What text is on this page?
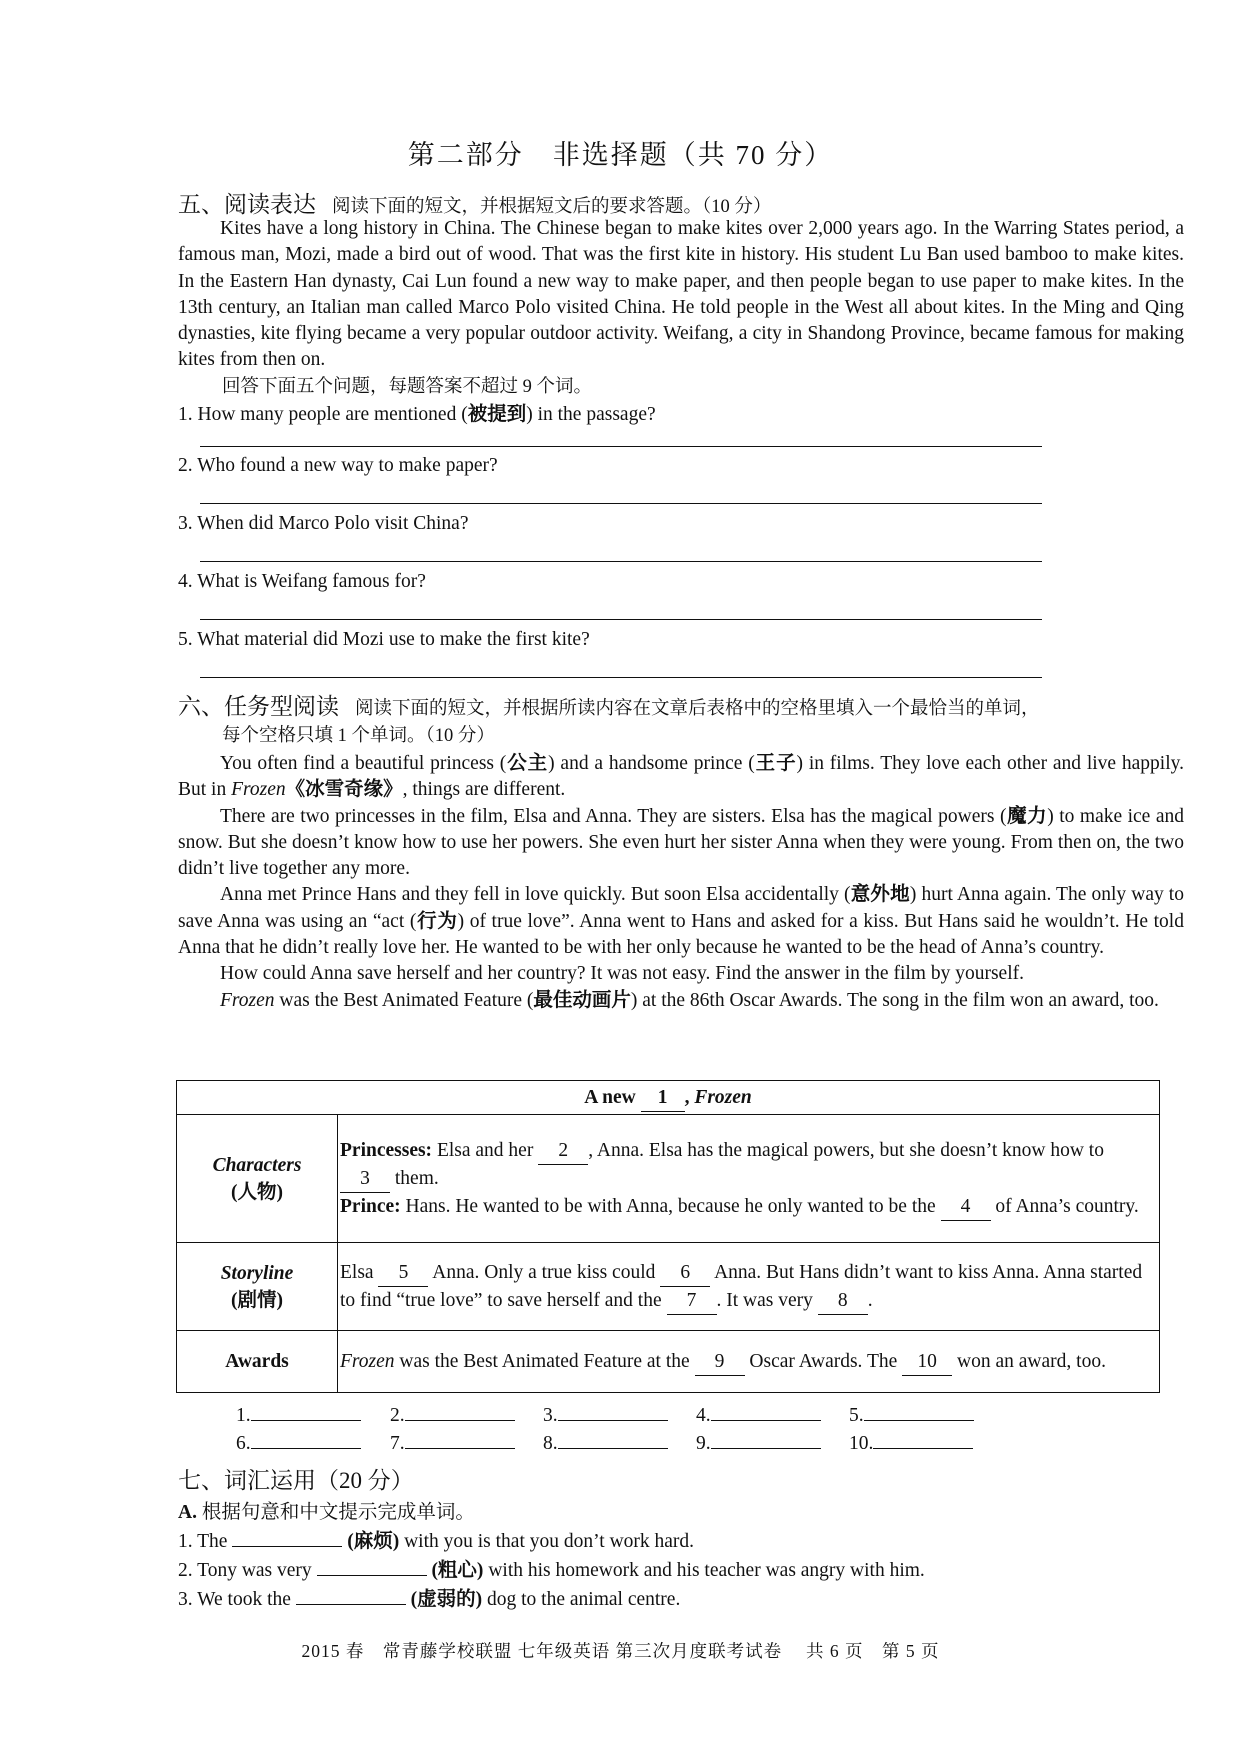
第二部分　非选择题（共 70 分）
五、阅读表达 阅读下面的短文，并根据短文后的要求答题。（10 分）

Kites have a long history in China. The Chinese began to make kites over 2,000 years ago. In the Warring States period, a famous man, Mozi, made a bird out of wood. That was the first kite in history. His student Lu Ban used bamboo to make kites. In the Eastern Han dynasty, Cai Lun found a new way to make paper, and then people began to use paper to make kites. In the 13th century, an Italian man called Marco Polo visited China. He told people in the West all about kites. In the Ming and Qing dynasties, kite flying became a very popular outdoor activity. Weifang, a city in Shandong Province, became famous for making kites from then on.

回答下面五个问题，每题答案不超过 9 个词。
1. How many people are mentioned (被提到) in the passage?
2. Who found a new way to make paper?
3. When did Marco Polo visit China?
4. What is Weifang famous for?
5. What material did Mozi use to make the first kite?
六、任务型阅读 阅读下面的短文，并根据所读内容在文章后表格中的空格里填入一个最恰当的单词，
每个空格只填 1 个单词。（10 分）

You often find a beautiful princess (公主) and a handsome prince (王子) in films. They love each other and live happily. But in Frozen《冰雪奇缘》, things are different.

There are two princesses in the film, Elsa and Anna. They are sisters. Elsa has the magical powers (魔力) to make ice and snow. But she doesn’t know how to use her powers. She even hurt her sister Anna when they were young. From then on, the two didn’t live together any more.

Anna met Prince Hans and they fell in love quickly. But soon Elsa accidentally (意外地) hurt Anna again. The only way to save Anna was using an “act (行为) of true love”. Anna went to Hans and asked for a kiss. But Hans said he wouldn’t. He told Anna that he didn’t really love her. He wanted to be with her only because he wanted to be the head of Anna’s country.

How could Anna save herself and her country? It was not easy. Find the answer in the film by yourself.

Frozen was the Best Animated Feature (最佳动画片) at the 86th Oscar Awards. The song in the film won an award, too.

A new 1 , Frozen	
Characters
(人物)	Princesses: Elsa and her 2 , Anna. Elsa has the magical powers, but she doesn’t know how to 3 them.
Prince: Hans. He wanted to be with Anna, because he only wanted to be the 4 of Anna’s country.
Storyline
(剧情)	Elsa 5 Anna. Only a true kiss could 6 Anna. But Hans didn’t want to kiss Anna. Anna started to find “true love” to save herself and the 7 . It was very 8 .
Awards	Frozen was the Best Animated Feature at the 9 Oscar Awards. The 10 won an award, too.
1.	2.	3.	4.	5.
6.	7.	8.	9.	10.
七、词汇运用（20 分）
A. 根据句意和中文提示完成单词。
1. The	(麻烦) with you is that you don’t work hard.
2. Tony was very	(粗心) with his homework and his teacher was angry with him.
3. We took the	(虚弱的) dog to the animal centre.
2015 春　常青藤学校联盟 七年级英语 第三次月度联考试卷　 共 6 页　第 5 页
